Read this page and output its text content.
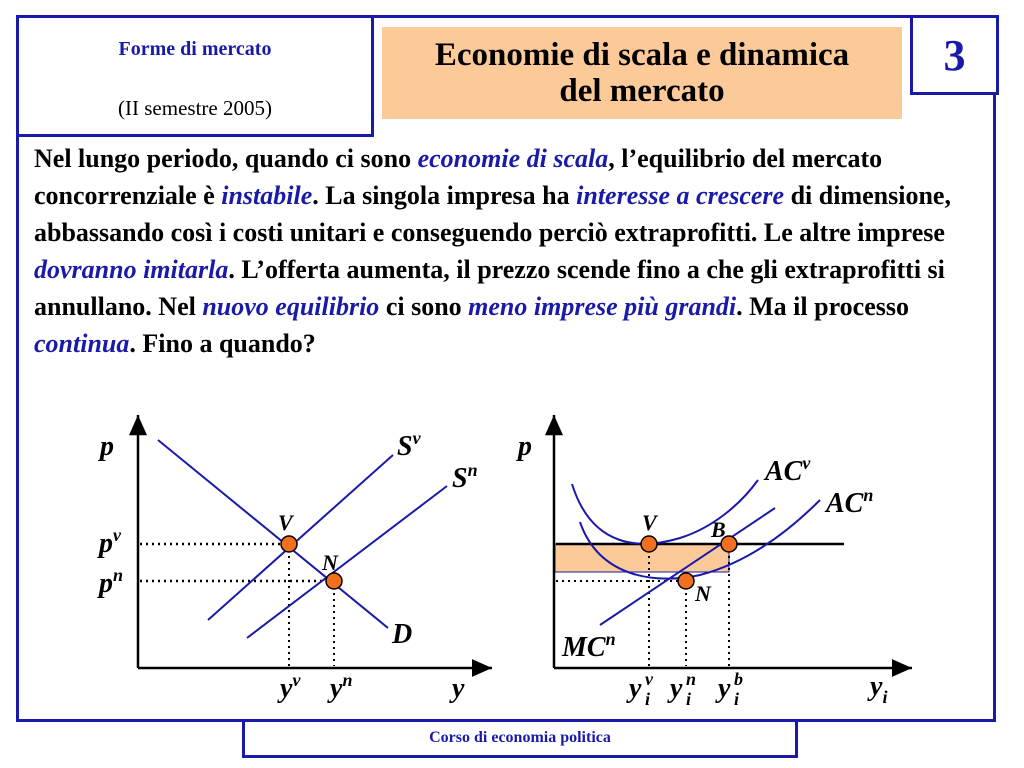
Forme di mercato
(II semestre 2005)
Economie di scala e dinamica del mercato
3
Nel lungo periodo, quando ci sono economie di scala, l’equilibrio del mercato concorrenziale è instabile. La singola impresa ha interesse a crescere di dimensione, abbassando così i costi unitari e conseguendo perciò extraprofitti. Le altre imprese dovranno imitarla. L’offerta aumenta, il prezzo scende fino a che gli extraprofitti si annullano. Nel nuovo equilibrio ci sono meno imprese più grandi. Ma il processo continua. Fino a quando?
p
y
$S^v$
$S^n$
D
$p^v$
$p^n$
$y^v$ $y^n$
V
N
p
$y_i$
$AC^v$
$AC^n$
$MC^n$
V B
N
y v
i y n
i y b
i
Corso di economia politica
